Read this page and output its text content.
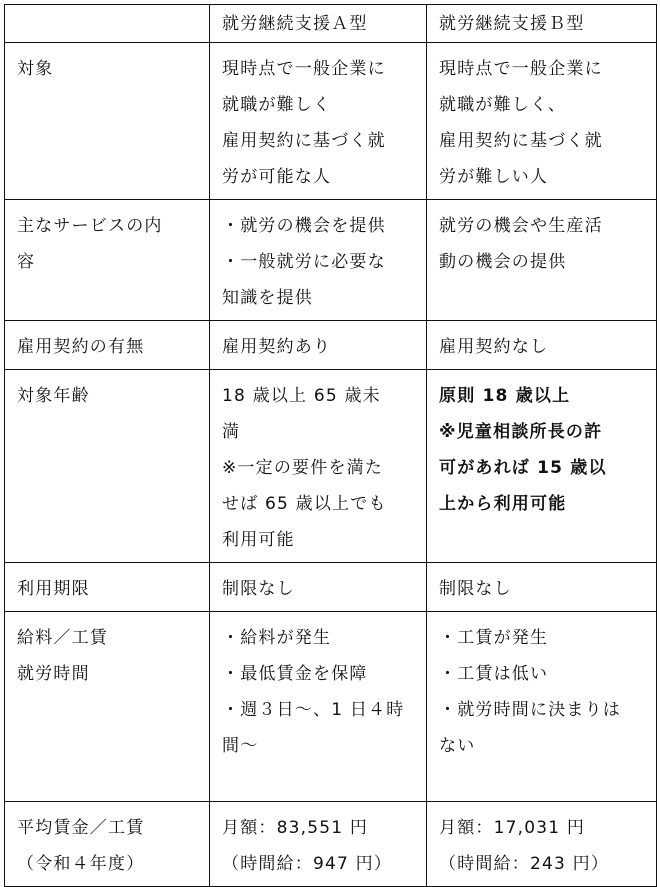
	就労継続支援Ａ型	就労継続支援Ｂ型

対象	現時点で一般企業に
就職が難しく
雇用契約に基づく就
労が可能な人	現時点で一般企業に
就職が難しく、
雇用契約に基づく就
労が難しい人

主なサービスの内
容	・就労の機会を提供
・一般就労に必要な
知識を提供	就労の機会や生産活
動の機会の提供

雇用契約の有無	雇用契約あり	雇用契約なし

対象年齢	18 歳以上 65 歳未
満
※一定の要件を満た
せば 65 歳以上でも
利用可能	原則 18 歳以上
※児童相談所長の許
可があれば 15 歳以
上から利用可能

利用期限	制限なし	制限なし

給料／工賃
就労時間	・給料が発生
・最低賃金を保障
・週３日～、1 日４時
間～	・工賃が発生
・工賃は低い
・就労時間に決まりは
ない

平均賃金／工賃
（令和４年度）	月額：83,551 円
（時間給：947 円）	月額：17,031 円
（時間給：243 円）
